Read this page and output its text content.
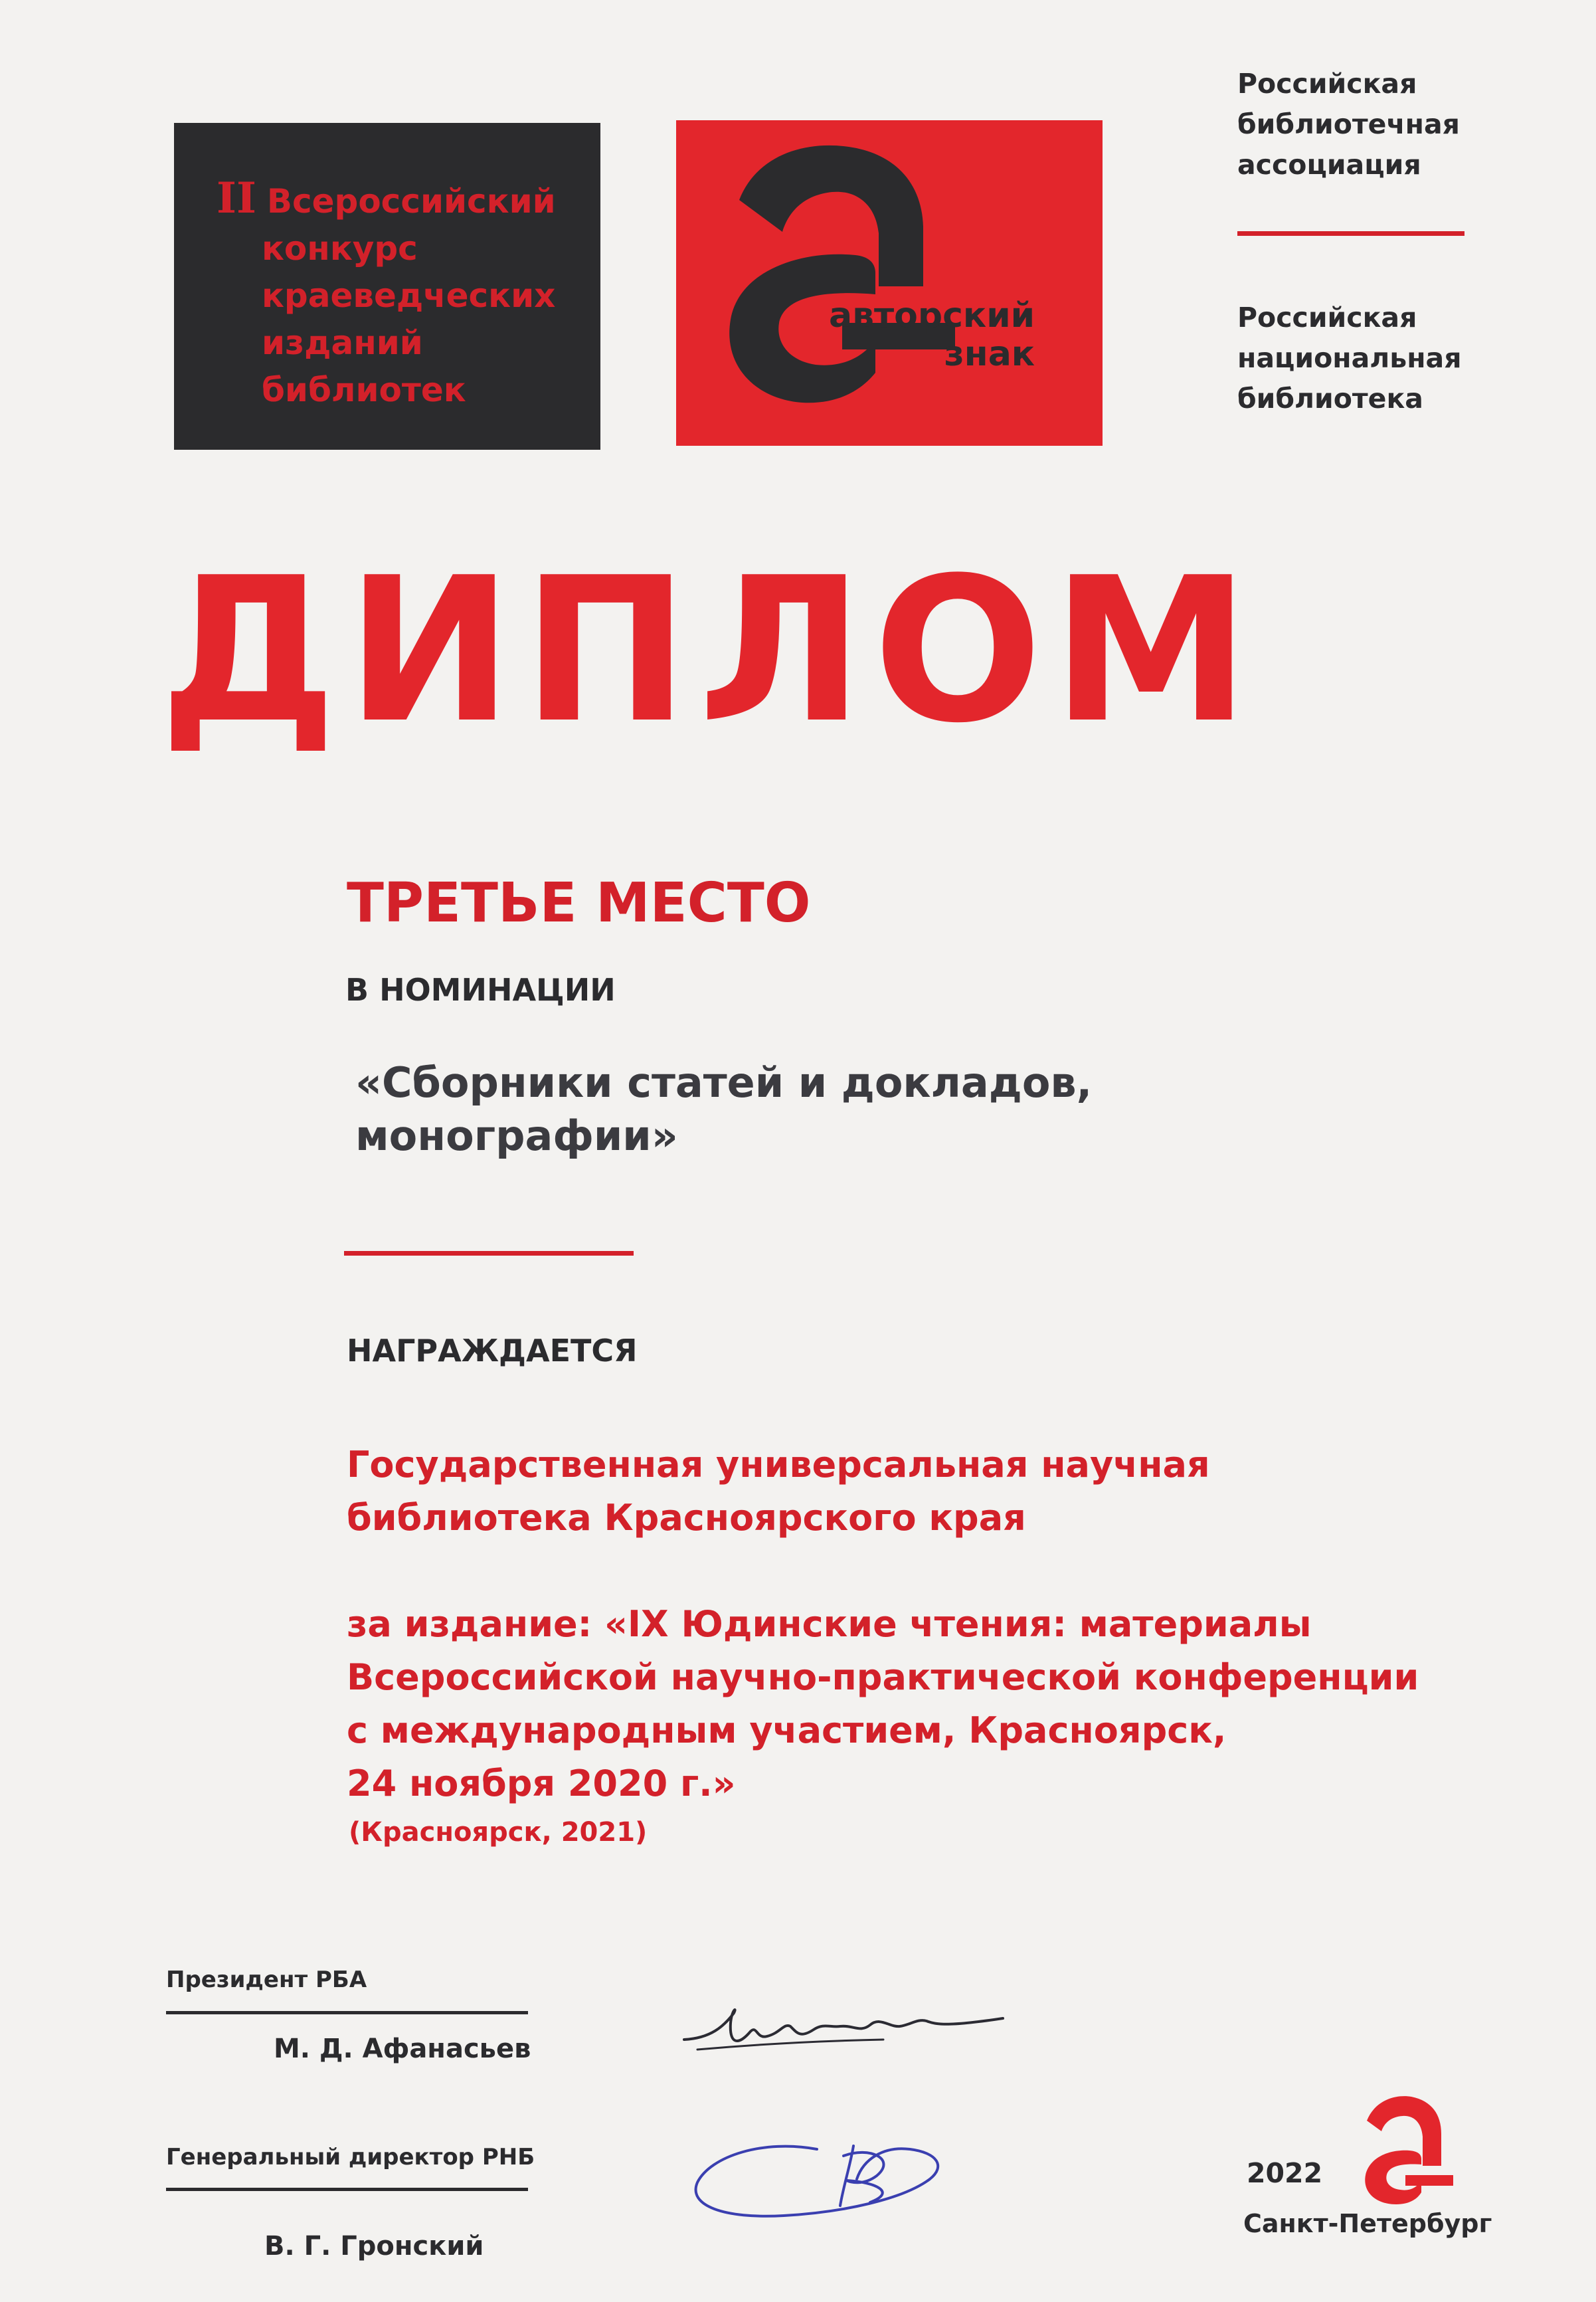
II Всероссийский
конкурс
краеведческих
изданий
библиотек
авторский
знак
Российская
библиотечная
ассоциация
Российская
национальная
библиотека
ДИПЛОМ
ТРЕТЬЕ МЕСТО
В НОМИНАЦИИ
«Сборники статей и докладов,
монографии»
НАГРАЖДАЕТСЯ
Государственная универсальная научная
библиотека Красноярского края
за издание: «IX Юдинские чтения: материалы
Всероссийской научно-практической конференции
с международным участием, Красноярск,
24 ноября 2020 г.»
(Красноярск, 2021)
Президент РБА
М. Д. Афанасьев
Генеральный директор РНБ
В. Г. Гронский
2022
Санкт-Петербург
